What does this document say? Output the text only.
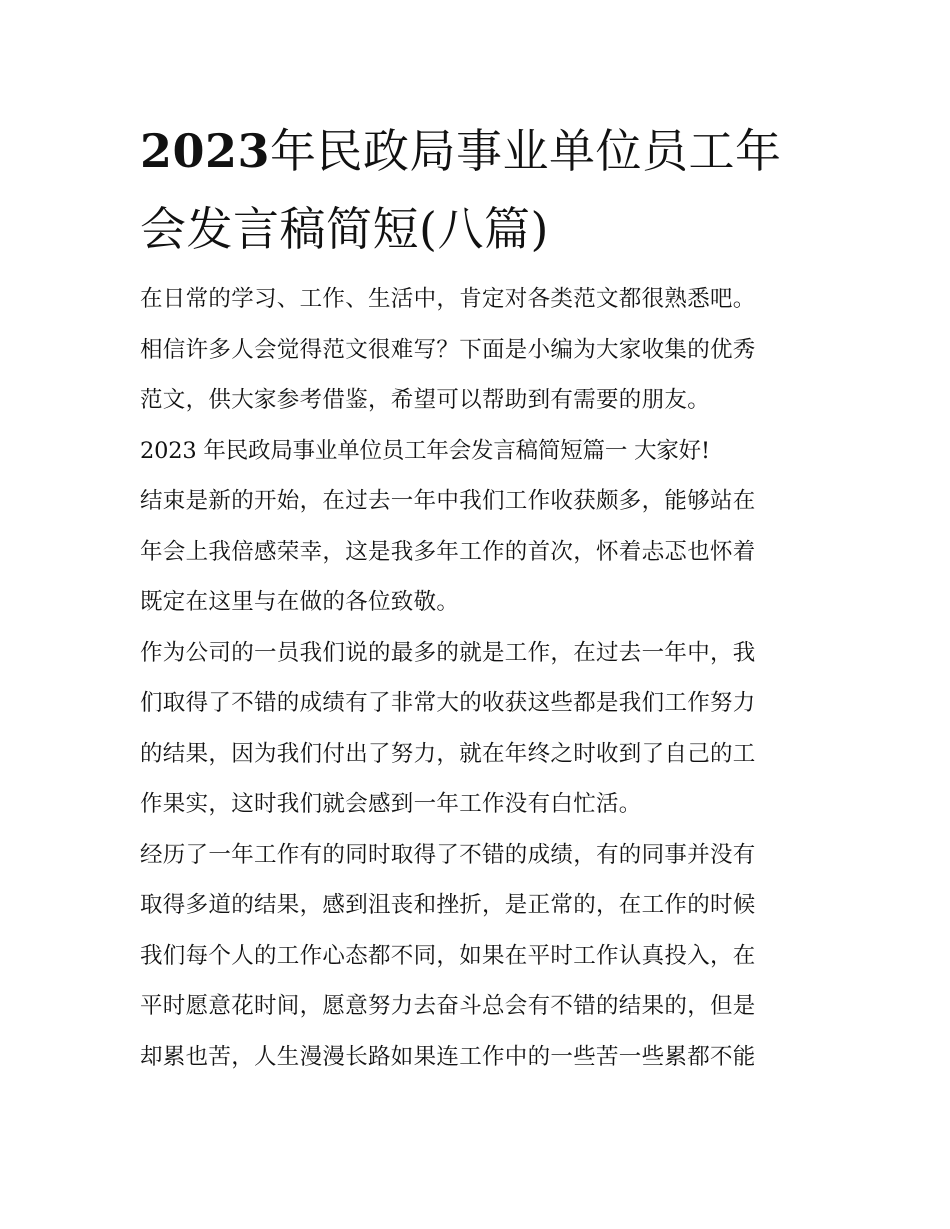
2023年民政局事业单位员工年
会发言稿简短(八篇)
在日常的学习、工作、生活中，肯定对各类范文都很熟悉吧。
相信许多人会觉得范文很难写？下面是小编为大家收集的优秀
范文，供大家参考借鉴，希望可以帮助到有需要的朋友。
2023 年民政局事业单位员工年会发言稿简短篇一 大家好!
结束是新的开始，在过去一年中我们工作收获颇多，能够站在
年会上我倍感荣幸，这是我多年工作的首次，怀着忐忑也怀着
既定在这里与在做的各位致敬。
作为公司的一员我们说的最多的就是工作，在过去一年中，我
们取得了不错的成绩有了非常大的收获这些都是我们工作努力
的结果，因为我们付出了努力，就在年终之时收到了自己的工
作果实，这时我们就会感到一年工作没有白忙活。
经历了一年工作有的同时取得了不错的成绩，有的同事并没有
取得多道的结果，感到沮丧和挫折，是正常的，在工作的时候
我们每个人的工作心态都不同，如果在平时工作认真投入，在
平时愿意花时间，愿意努力去奋斗总会有不错的结果的，但是
却累也苦，人生漫漫长路如果连工作中的一些苦一些累都不能
